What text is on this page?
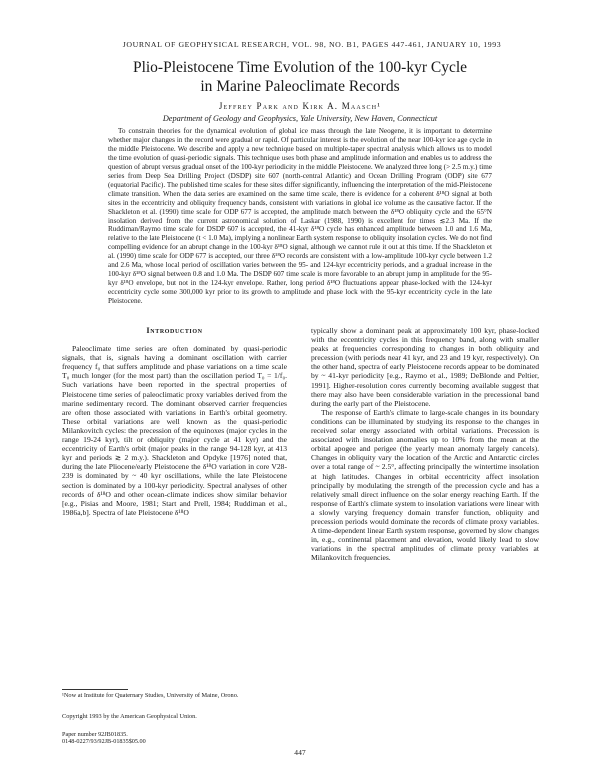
JOURNAL OF GEOPHYSICAL RESEARCH, VOL. 98, NO. B1, PAGES 447-461, JANUARY 10, 1993
Plio-Pleistocene Time Evolution of the 100-kyr Cycle
in Marine Paleoclimate Records
Jeffrey Park and Kirk A. Maasch¹
Department of Geology and Geophysics, Yale University, New Haven, Connecticut

To constrain theories for the dynamical evolution of global ice mass through the late Neogene, it is important to determine whether major changes in the record were gradual or rapid. Of particular interest is the evolution of the near 100-kyr ice age cycle in the middle Pleistocene. We describe and apply a new technique based on multiple-taper spectral analysis which allows us to model the time evolution of quasi-periodic signals. This technique uses both phase and amplitude information and enables us to address the question of abrupt versus gradual onset of the 100-kyr periodicity in the middle Pleistocene. We analyzed three long (> 2.5 m.y.) time series from Deep Sea Drilling Project (DSDP) site 607 (north-central Atlantic) and Ocean Drilling Program (ODP) site 677 (equatorial Pacific). The published time scales for these sites differ significantly, influencing the interpretation of the mid-Pleistocene climate transition. When the data series are examined on the same time scale, there is evidence for a coherent δ¹⁸O signal at both sites in the eccentricity and obliquity frequency bands, consistent with variations in global ice volume as the causative factor. If the Shackleton et al. (1990) time scale for ODP 677 is accepted, the amplitude match between the δ¹⁸O obliquity cycle and the 65°N insolation derived from the current astronomical solution of Laskar (1988, 1990) is excellent for times ≲2.3 Ma. If the Ruddiman/Raymo time scale for DSDP 607 is accepted, the 41-kyr δ¹⁸O cycle has enhanced amplitude between 1.0 and 1.6 Ma, relative to the late Pleistocene (t < 1.0 Ma), implying a nonlinear Earth system response to obliquity insolation cycles. We do not find compelling evidence for an abrupt change in the 100-kyr δ¹⁸O signal, although we cannot rule it out at this time. If the Shackleton et al. (1990) time scale for ODP 677 is accepted, our three δ¹⁸O records are consistent with a low-amplitude 100-kyr cycle between 1.2 and 2.6 Ma, whose local period of oscillation varies between the 95- and 124-kyr eccentricity periods, and a gradual increase in the 100-kyr δ¹⁸O signal between 0.8 and 1.0 Ma. The DSDP 607 time scale is more favorable to an abrupt jump in amplitude for the 95-kyr δ¹⁸O envelope, but not in the 124-kyr envelope. Rather, long period δ¹⁸O fluctuations appear phase-locked with the 124-kyr eccentricity cycle some 300,000 kyr prior to its growth to amplitude and phase lock with the 95-kyr eccentricity cycle in the late Pleistocene.

Introduction

Paleoclimate time series are often dominated by quasi-periodic signals, that is, signals having a dominant oscillation with carrier frequency f₀ that suffers amplitude and phase variations on a time scale T₀ much longer (for the most part) than the oscillation period T₀ = 1/f₀. Such variations have been reported in the spectral properties of Pleistocene time series of paleoclimatic proxy variables derived from the marine sedimentary record. The dominant observed carrier frequencies are often those associated with variations in Earth's orbital geometry. These orbital variations are well known as the quasi-periodic Milankovitch cycles: the precession of the equinoxes (major cycles in the range 19-24 kyr), tilt or obliquity (major cycle at 41 kyr) and the eccentricity of Earth's orbit (major peaks in the range 94-128 kyr, at 413 kyr and periods ≳ 2 m.y.). Shackleton and Opdyke [1976] noted that, during the late Pliocene/early Pleistocene the δ¹⁸O variation in core V28-239 is dominated by ~ 40 kyr oscillations, while the late Pleistocene section is dominated by a 100-kyr periodicity. Spectral analyses of other records of δ¹⁸O and other ocean-climate indices show similar behavior [e.g., Pisias and Moore, 1981; Start and Prell, 1984; Ruddiman et al., 1986a,b]. Spectra of late Pleistocene δ¹⁸O

typically show a dominant peak at approximately 100 kyr, phase-locked with the eccentricity cycles in this frequency band, along with smaller peaks at frequencies corresponding to changes in both obliquity and precession (with periods near 41 kyr, and 23 and 19 kyr, respectively). On the other hand, spectra of early Pleistocene records appear to be dominated by ~ 41-kyr periodicity [e.g., Raymo et al., 1989; DeBlonde and Peltier, 1991]. Higher-resolution cores currently becoming available suggest that there may also have been considerable variation in the precessional band during the early part of the Pleistocene.

The response of Earth's climate to large-scale changes in its boundary conditions can be illuminated by studying its response to the changes in received solar energy associated with orbital variations. Precession is associated with insolation anomalies up to 10% from the mean at the orbital apogee and perigee (the yearly mean anomaly largely cancels). Changes in obliquity vary the location of the Arctic and Antarctic circles over a total range of ~ 2.5°, affecting principally the wintertime insolation at high latitudes. Changes in orbital eccentricity affect insolation principally by modulating the strength of the precession cycle and has a relatively small direct influence on the solar energy reaching Earth. If the response of Earth's climate system to insolation variations were linear with a slowly varying frequency domain transfer function, obliquity and precession periods would dominate the records of climate proxy variables. A time-dependent linear Earth system response, governed by slow changes in, e.g., continental placement and elevation, would likely lead to slow variations in the spectral amplitudes of climate proxy variables at Milankovitch frequencies.

¹Now at Institute for Quaternary Studies, University of Maine, Orono.
Copyright 1993 by the American Geophysical Union.
Paper number 92JB01835.
0148-0227/93/92JB-01835$05.00
447
